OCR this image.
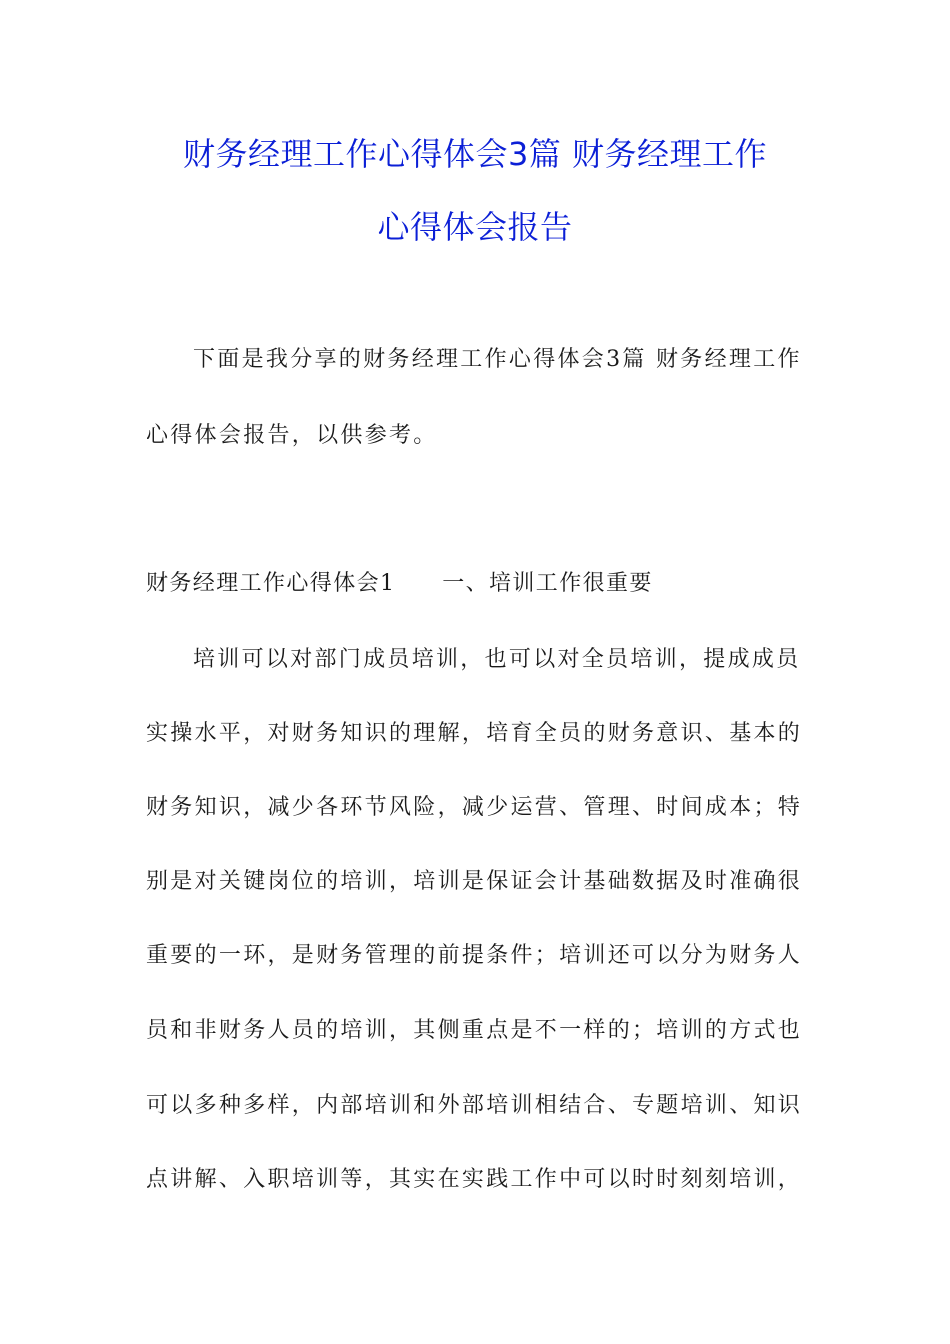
财务经理工作心得体会3篇 财务经理工作
心得体会报告
下面是我分享的财务经理工作心得体会3篇 财务经理工作
心得体会报告，以供参考。
财务经理工作心得体会1　　一、培训工作很重要
培训可以对部门成员培训，也可以对全员培训，提成成员
实操水平，对财务知识的理解，培育全员的财务意识、基本的
财务知识，减少各环节风险，减少运营、管理、时间成本；特
别是对关键岗位的培训，培训是保证会计基础数据及时准确很
重要的一环，是财务管理的前提条件；培训还可以分为财务人
员和非财务人员的培训，其侧重点是不一样的；培训的方式也
可以多种多样，内部培训和外部培训相结合、专题培训、知识
点讲解、入职培训等，其实在实践工作中可以时时刻刻培训，
